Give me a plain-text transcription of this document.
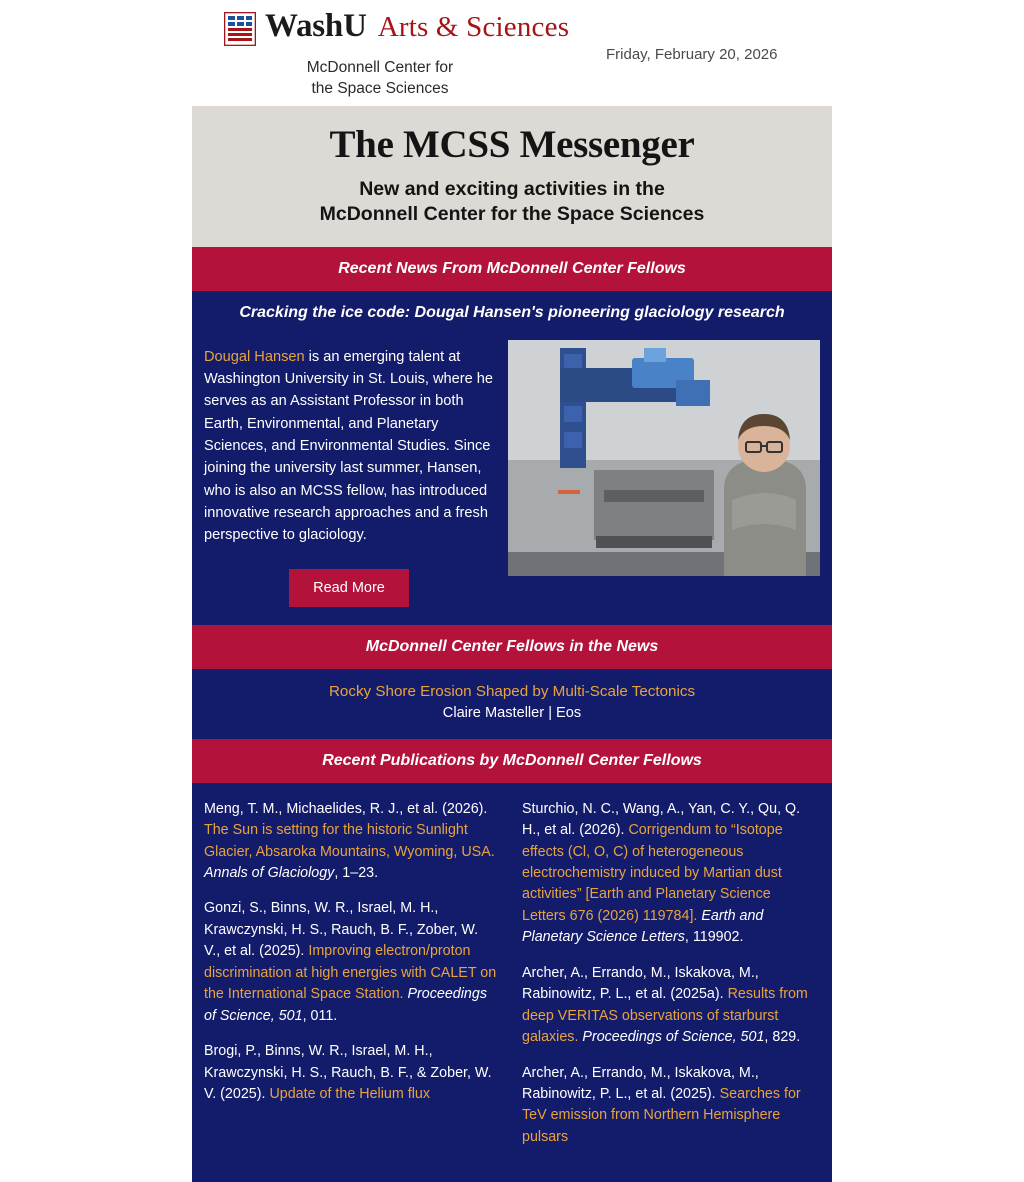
WashU Arts & Sciences
McDonnell Center for
the Space Sciences
Friday, February 20, 2026
The MCSS Messenger
New and exciting activities in the
McDonnell Center for the Space Sciences
Recent News From McDonnell Center Fellows
Cracking the ice code: Dougal Hansen's pioneering glaciology research
Dougal Hansen is an emerging talent at Washington University in St. Louis, where he serves as an Assistant Professor in both Earth, Environmental, and Planetary Sciences, and Environmental Studies. Since joining the university last summer, Hansen, who is also an MCSS fellow, has introduced innovative research approaches and a fresh perspective to glaciology.
Read More
McDonnell Center Fellows in the News
Rocky Shore Erosion Shaped by Multi-Scale Tectonics
Claire Masteller | Eos
Recent Publications by McDonnell Center Fellows
Meng, T. M., Michaelides, R. J., et al. (2026). The Sun is setting for the historic Sunlight Glacier, Absaroka Mountains, Wyoming, USA. Annals of Glaciology, 1–23.
Gonzi, S., Binns, W. R., Israel, M. H., Krawczynski, H. S., Rauch, B. F., Zober, W. V., et al. (2025). Improving electron/proton discrimination at high energies with CALET on the International Space Station. Proceedings of Science, 501, 011.
Brogi, P., Binns, W. R., Israel, M. H., Krawczynski, H. S., Rauch, B. F., & Zober, W. V. (2025). Update of the Helium flux
Sturchio, N. C., Wang, A., Yan, C. Y., Qu, Q. H., et al. (2026). Corrigendum to “Isotope effects (Cl, O, C) of heterogeneous electrochemistry induced by Martian dust activities” [Earth and Planetary Science Letters 676 (2026) 119784]. Earth and Planetary Science Letters, 119902.
Archer, A., Errando, M., Iskakova, M., Rabinowitz, P. L., et al. (2025a). Results from deep VERITAS observations of starburst galaxies. Proceedings of Science, 501, 829.
Archer, A., Errando, M., Iskakova, M., Rabinowitz, P. L., et al. (2025). Searches for TeV emission from Northern Hemisphere pulsars
